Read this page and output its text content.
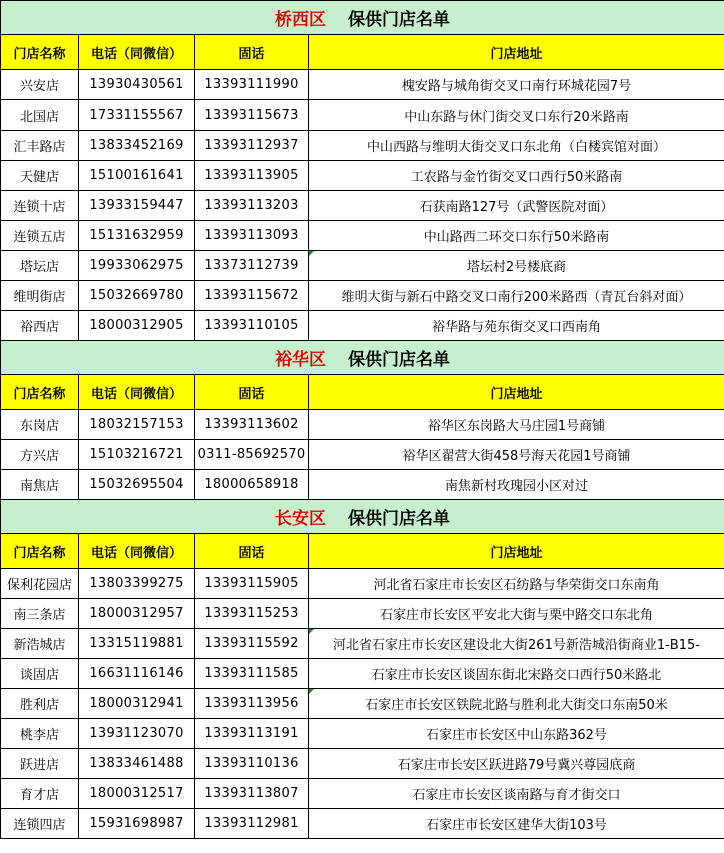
桥西区 保供门店名单			
门店名称	电话（同微信）	固话	门店地址
兴安店	13930430561	13393111990	槐安路与城角街交叉口南行环城花园7号
北国店	17331155567	13393115673	中山东路与休门街交叉口东行20米路南
汇丰路店	13833452169	13393112937	中山西路与维明大街交叉口东北角（白楼宾馆对面）
天健店	15100161641	13393113905	工农路与金竹街交叉口西行50米路南
连锁十店	13933159447	13393113203	石获南路127号（武警医院对面）
连锁五店	15131632959	13393113093	中山路西二环交口东行50米路南
塔坛店	19933062975	13373112739	塔坛村2号楼底商
维明街店	15032669780	13393115672	维明大街与新石中路交叉口南行200米路西（青瓦台斜对面）
裕西店	18000312905	13393110105	裕华路与苑东街交叉口西南角
裕华区 保供门店名单			
门店名称	电话（同微信）	固话	门店地址
东岗店	18032157153	13393113602	裕华区东岗路大马庄园1号商铺
方兴店	15103216721	0311-85692570	裕华区翟营大街458号海天花园1号商铺
南焦店	15032695504	18000658918	南焦新村玫瑰园小区对过
长安区 保供门店名单			
门店名称	电话（同微信）	固话	门店地址
保利花园店	13803399275	13393115905	河北省石家庄市长安区石纺路与华荣街交口东南角
南三条店	18000312957	13393115253	石家庄市长安区平安北大街与栗中路交口东北角
新浩城店	13315119881	13393115592	河北省石家庄市长安区建设北大街261号新浩城沿街商业1-B15-
谈固店	16631116146	13393111585	石家庄市长安区谈固东街北宋路交口西行50米路北
胜利店	18000312941	13393113956	石家庄市长安区铁院北路与胜利北大街交口东南50米
桃李店	13931123070	13393113191	石家庄市长安区中山东路362号
跃进店	13833461488	13393110136	石家庄市长安区跃进路79号冀兴尊园底商
育才店	18000312517	13393113807	石家庄市长安区谈南路与育才街交口
连锁四店	15931698987	13393112981	石家庄市长安区建华大街103号
